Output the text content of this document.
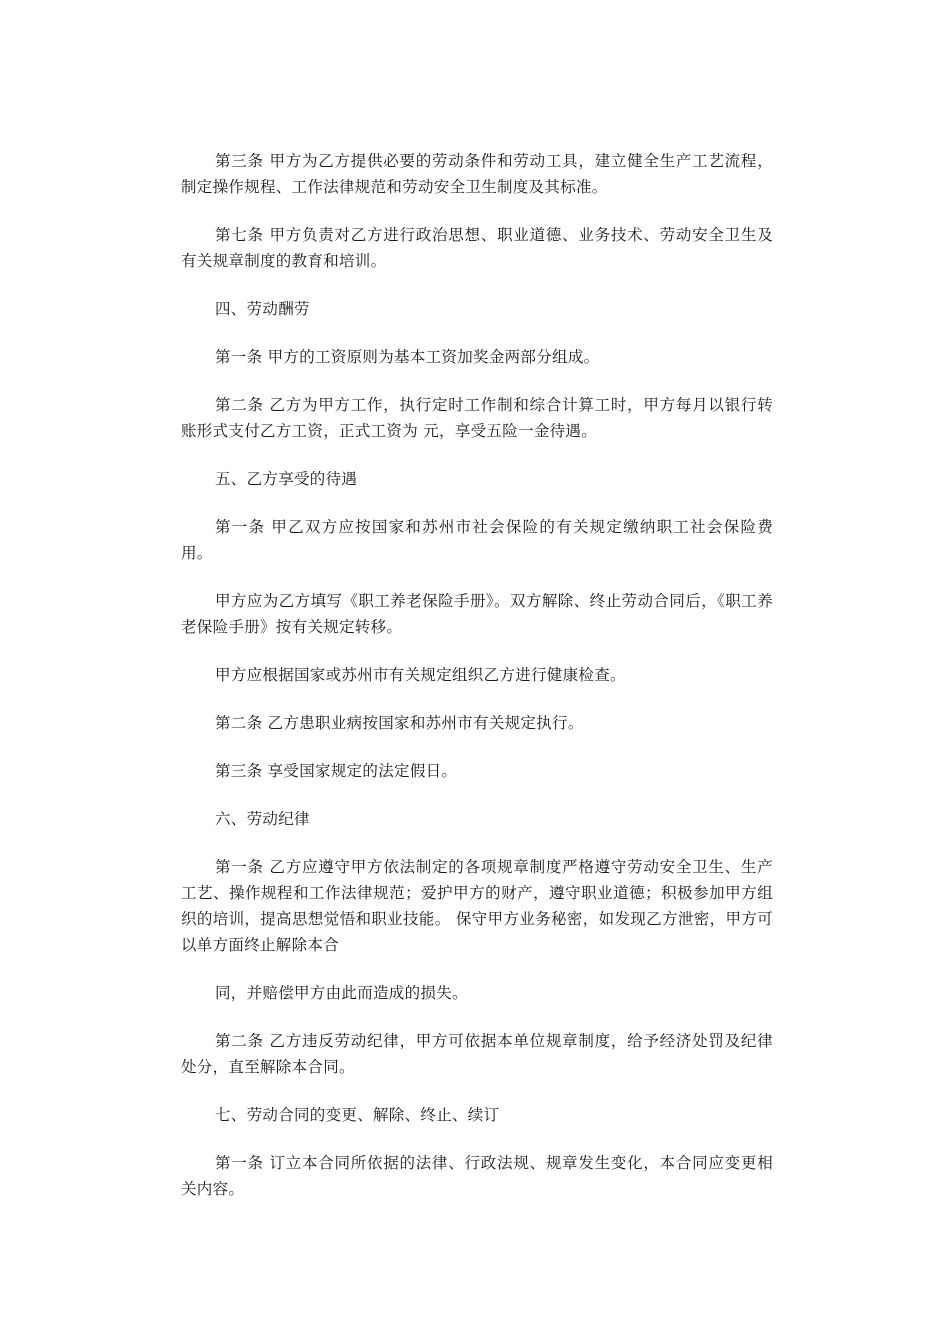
第三条 甲方为乙方提供必要的劳动条件和劳动工具，建立健全生产工艺流程，制定操作规程、工作法律规范和劳动安全卫生制度及其标准。

第七条 甲方负责对乙方进行政治思想、职业道德、业务技术、劳动安全卫生及有关规章制度的教育和培训。

四、劳动酬劳

第一条 甲方的工资原则为基本工资加奖金两部分组成。

第二条 乙方为甲方工作，执行定时工作制和综合计算工时，甲方每月以银行转账形式支付乙方工资，正式工资为 元，享受五险一金待遇。

五、乙方享受的待遇

第一条 甲乙双方应按国家和苏州市社会保险的有关规定缴纳职工社会保险费用。

甲方应为乙方填写《职工养老保险手册》。双方解除、终止劳动合同后，《职工养老保险手册》按有关规定转移。

甲方应根据国家或苏州市有关规定组织乙方进行健康检查。

第二条 乙方患职业病按国家和苏州市有关规定执行。

第三条 享受国家规定的法定假日。

六、劳动纪律

第一条 乙方应遵守甲方依法制定的各项规章制度严格遵守劳动安全卫生、生产工艺、操作规程和工作法律规范；爱护甲方的财产，遵守职业道德；积极参加甲方组织的培训，提高思想觉悟和职业技能。 保守甲方业务秘密，如发现乙方泄密，甲方可以单方面终止解除本合

同，并赔偿甲方由此而造成的损失。

第二条 乙方违反劳动纪律，甲方可依据本单位规章制度，给予经济处罚及纪律处分，直至解除本合同。

七、劳动合同的变更、解除、终止、续订

第一条 订立本合同所依据的法律、行政法规、规章发生变化，本合同应变更相关内容。
